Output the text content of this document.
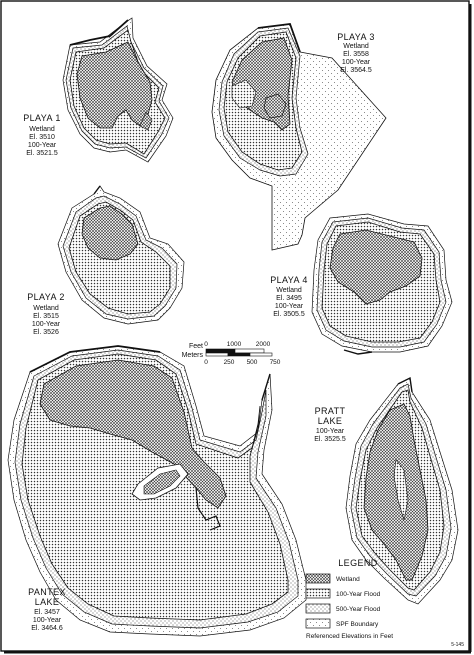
PLAYA 1
Wetland
El. 3510
100-Year
El. 3521.5
PLAYA 3
Wetland
El. 3558
100-Year
El. 3564.5
PLAYA 2
Wetland
El. 3515
100-Year
El. 3526
PLAYA 4
Wetland
El. 3495
100-Year
El. 3505.5
PRATT
LAKE
100-Year
El. 3525.5
PANTEX
LAKE
El. 3457
100-Year
El. 3464.6
Feet
Meters
0	1000 2000
0 250 500 750
LEGEND
Wetland
100-Year Flood
500-Year Flood
SPF Boundary
Referenced Elevations in Feet
5-145
